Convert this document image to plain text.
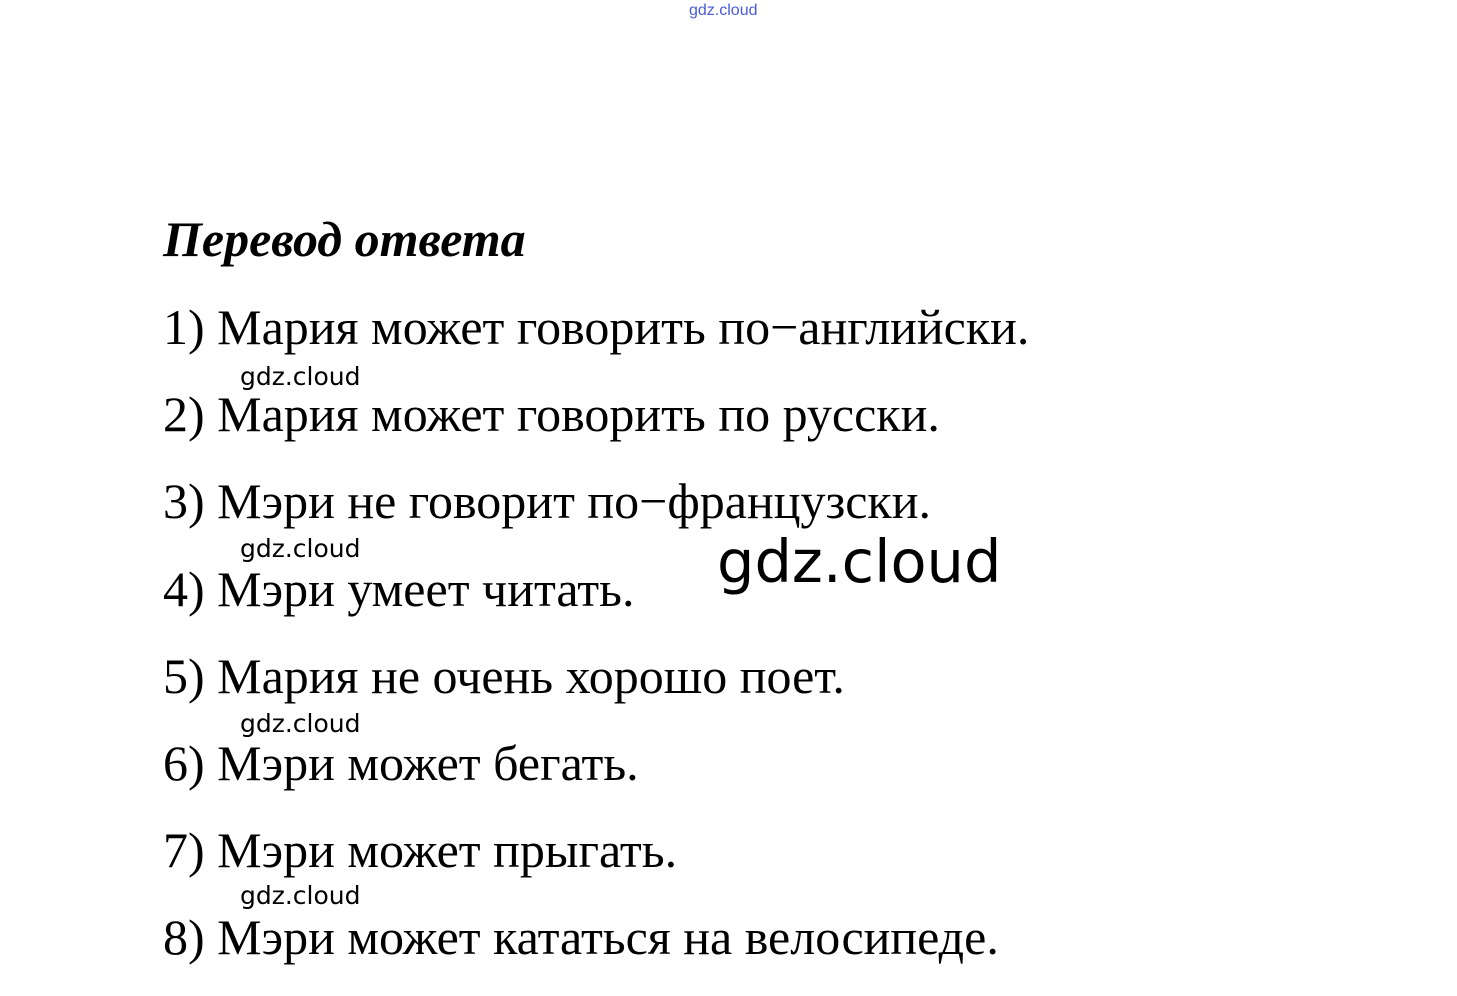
gdz.cloud
Перевод ответа
1) Мария может говорить по−английски.
2) Мария может говорить по русски.
3) Мэри не говорит по−французски.
4) Мэри умеет читать.
5) Мария не очень хорошо поет.
6) Мэри может бегать.
7) Мэри может прыгать.
8) Мэри может кататься на велосипеде.
gdz.cloud
gdz.cloud
gdz.cloud
gdz.cloud
gdz.cloud
